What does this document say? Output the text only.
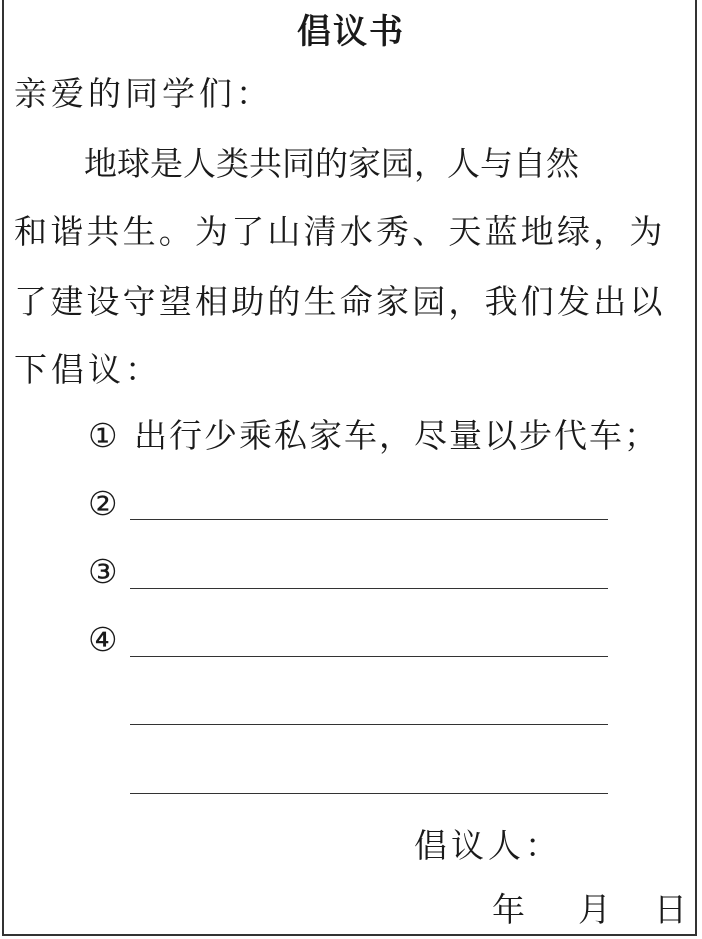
倡议书
亲爱的同学们：
地球是人类共同的家园，人与自然
和谐共生。为了山清水秀、天蓝地绿，为
了建设守望相助的生命家园，我们发出以
下倡议：
① 出行少乘私家车，尽量以步代车；
②
③
④
倡议人：
年 月 日
